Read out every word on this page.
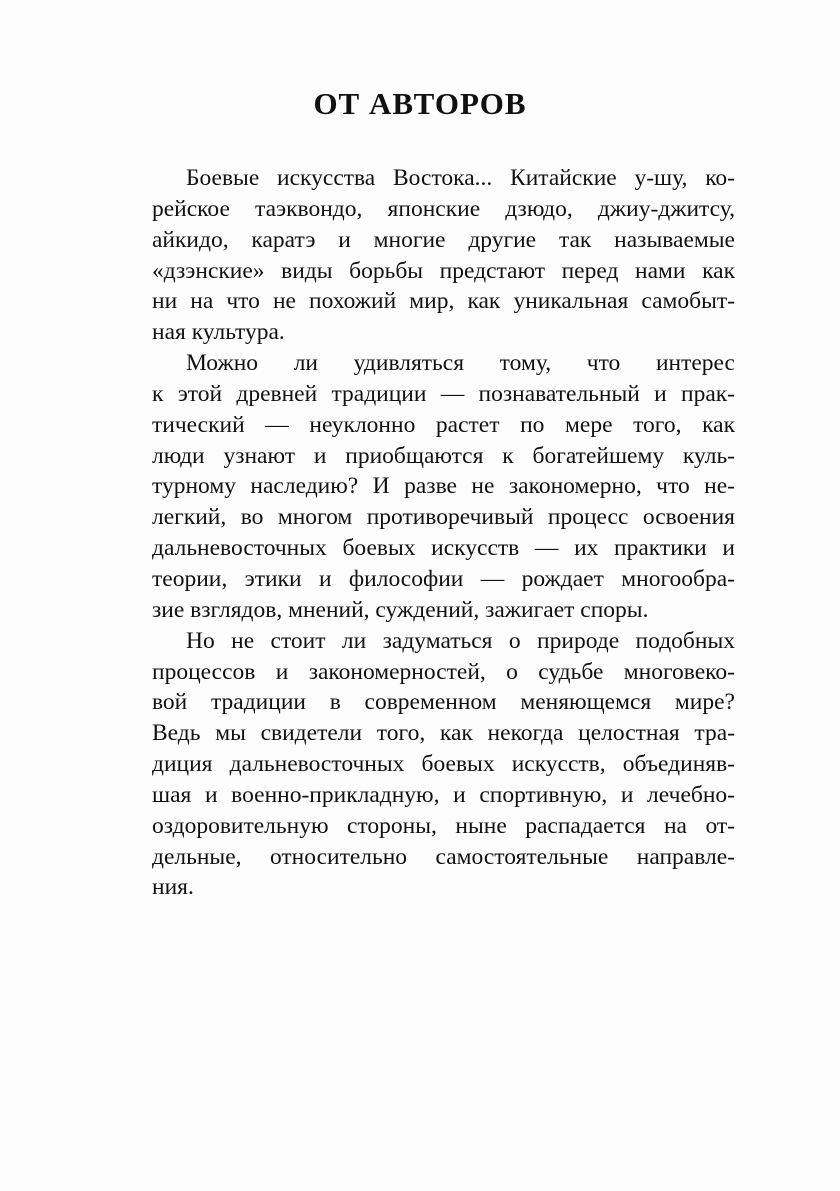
ОТ АВТОРОВ
Боевые искусства Востока... Китайские у-шу, ко-
рейское таэквондо, японские дзюдо, джиу-джитсу,
айкидо, каратэ и многие другие так называемые
«дзэнские» виды борьбы предстают перед нами как
ни на что не похожий мир, как уникальная самобыт-
ная культура.
Можно ли удивляться тому, что интерес
к этой древней традиции — познавательный и прак-
тический — неуклонно растет по мере того, как
люди узнают и приобщаются к богатейшему куль-
турному наследию? И разве не закономерно, что не-
легкий, во многом противоречивый процесс освоения
дальневосточных боевых искусств — их практики и
теории, этики и философии — рождает многообра-
зие взглядов, мнений, суждений, зажигает споры.
Но не стоит ли задуматься о природе подобных
процессов и закономерностей, о судьбе многовеко-
вой традиции в современном меняющемся мире?
Ведь мы свидетели того, как некогда целостная тра-
диция дальневосточных боевых искусств, объединяв-
шая и военно-прикладную, и спортивную, и лечебно-
оздоровительную стороны, ныне распадается на от-
дельные, относительно самостоятельные направле-
ния.
